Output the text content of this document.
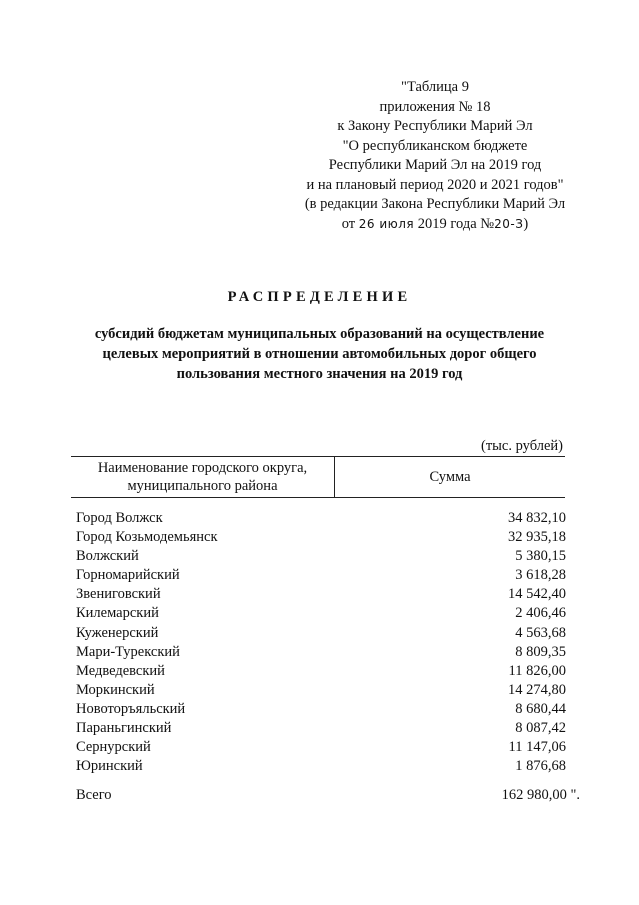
"Таблица 9
приложения № 18
к Закону Республики Марий Эл
"О республиканском бюджете
Республики Марий Эл на 2019 год
и на плановый период 2020 и 2021 годов"
(в редакции Закона Республики Марий Эл
от 26 июля 2019 года №20-З)
РАСПРЕДЕЛЕНИЕ
субсидий бюджетам муниципальных образований на осуществление
целевых мероприятий в отношении автомобильных дорог общего
пользования местного значения на 2019 год
(тыс. рублей)
Наименование городского округа,
муниципального района
Сумма
Город Волжск	34 832,10
Город Козьмодемьянск	32 935,18
Волжский	5 380,15
Горномарийский	3 618,28
Звениговский	14 542,40
Килемарский	2 406,46
Куженерский	4 563,68
Мари-Турекский	8 809,35
Медведевский	11 826,00
Моркинский	14 274,80
Новоторъяльский	8 680,44
Параньгинский	8 087,42
Сернурский	11 147,06
Юринский	1 876,68
Всего	162 980,00 ".
